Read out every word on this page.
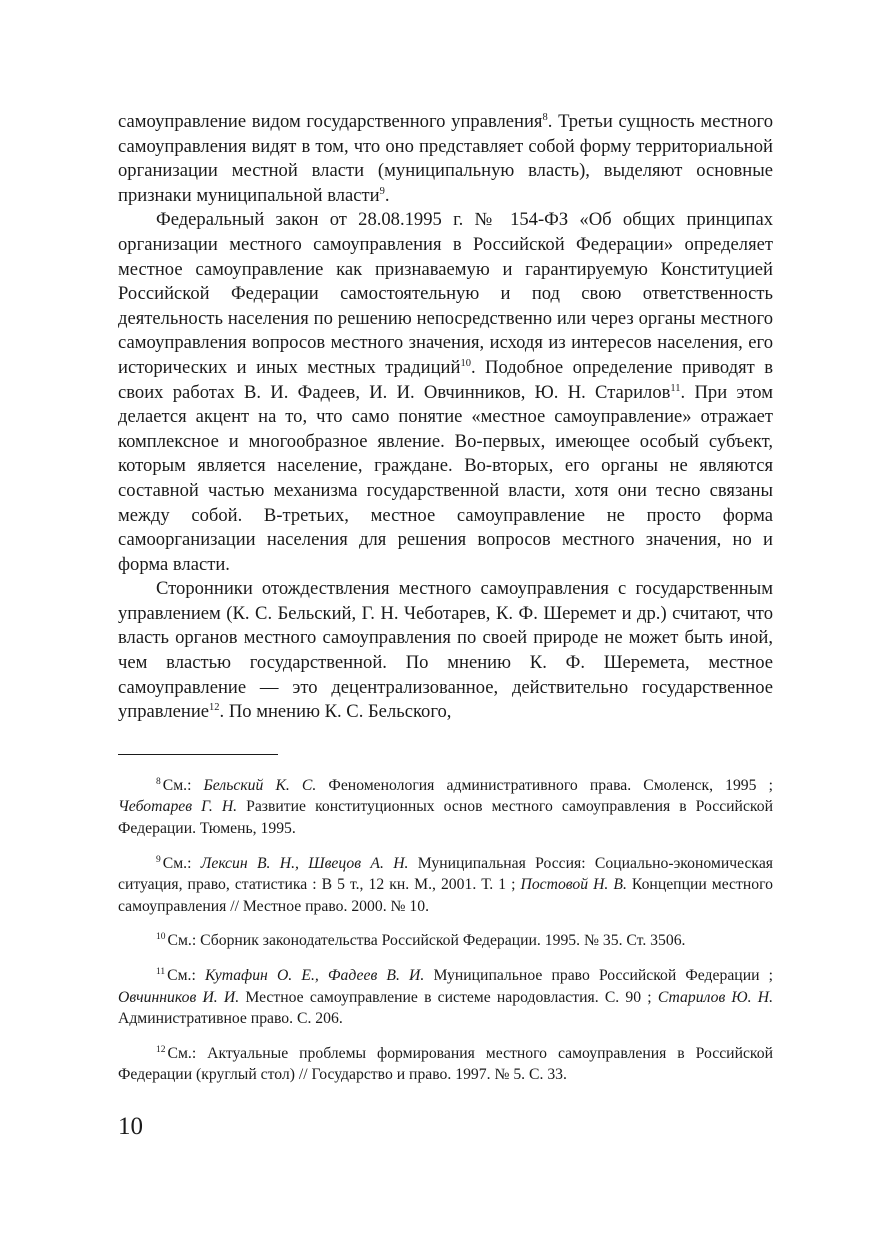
самоуправление видом государственного управления$^8$. Третьи сущность местного самоуправления видят в том, что оно представляет собой форму территориальной организации местной власти (муниципальную власть), выделяют основные признаки муниципальной власти$^9$.

Федеральный закон от 28.08.1995 г. № 154-ФЗ «Об общих принципах организации местного самоуправления в Российской Федерации» определяет местное самоуправление как признаваемую и гарантируемую Конституцией Российской Федерации самостоятельную и под свою ответственность деятельность населения по решению непосредственно или через органы местного самоуправления вопросов местного значения, исходя из интересов населения, его исторических и иных местных традиций$^{10}$. Подобное определение приводят в своих работах В. И. Фадеев, И. И. Овчинников, Ю. Н. Старилов$^{11}$. При этом делается акцент на то, что само понятие «местное самоуправление» отражает комплексное и многообразное явление. Во-первых, имеющее особый субъект, которым является население, граждане. Во-вторых, его органы не являются составной частью механизма государственной власти, хотя они тесно связаны между собой. В-третьих, местное самоуправление не просто форма самоорганизации населения для решения вопросов местного значения, но и форма власти.

Сторонники отождествления местного самоуправления с государственным управлением (К. С. Бельский, Г. Н. Чеботарев, К. Ф. Шеремет и др.) считают, что власть органов местного самоуправления по своей природе не может быть иной, чем властью государственной. По мнению К. Ф. Шеремета, местное самоуправление — это децентрализованное, действительно государственное управление$^{12}$. По мнению К. С. Бельского,

$^8$ См.: Бельский К. С. Феноменология административного права. Смоленск, 1995 ; Чеботарев Г. Н. Развитие конституционных основ местного самоуправления в Российской Федерации. Тюмень, 1995.

$^9$ См.: Лексин В. Н., Швецов А. Н. Муниципальная Россия: Социально-экономическая ситуация, право, статистика : В 5 т., 12 кн. М., 2001. Т. 1 ; Постовой Н. В. Концепции местного самоуправления // Местное право. 2000. № 10.

$^{10}$ См.: Сборник законодательства Российской Федерации. 1995. № 35. Ст. 3506.

$^{11}$ См.: Кутафин О. Е., Фадеев В. И. Муниципальное право Российской Федерации ; Овчинников И. И. Местное самоуправление в системе народовластия. С. 90 ; Старилов Ю. Н. Административное право. С. 206.

$^{12}$ См.: Актуальные проблемы формирования местного самоуправления в Российской Федерации (круглый стол) // Государство и право. 1997. № 5. С. 33.

10
